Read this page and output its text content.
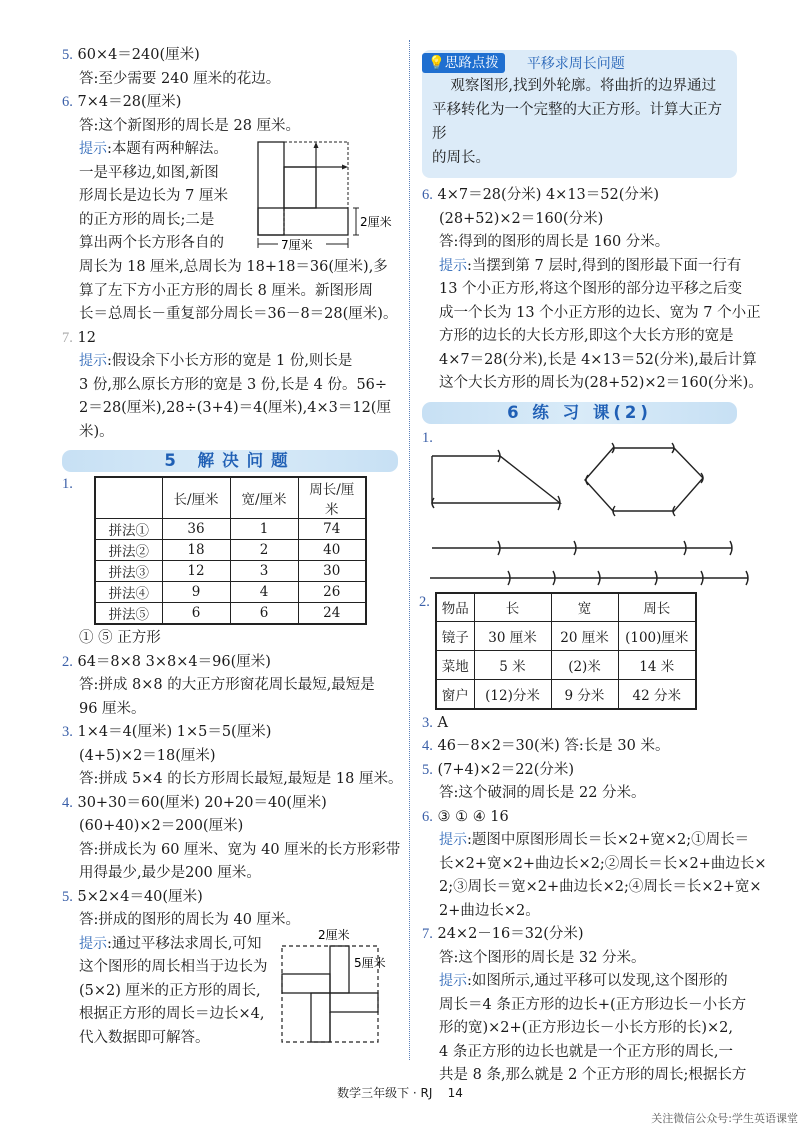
5. 60×4＝240(厘米)
答:至少需要 240 厘米的花边。
6. 7×4＝28(厘米)
答:这个新图形的周长是 28 厘米。
提示:本题有两种解法。
一是平移边,如图,新图
形周长是边长为 7 厘米
的正方形的周长;二是
算出两个长方形各自的
2厘米
7厘米
周长为 18 厘米,总周长为 18+18＝36(厘米),多
算了左下方小正方形的周长 8 厘米。新图形周
长＝总周长－重复部分周长＝36－8＝28(厘米)。
7. 12
提示:假设余下小长方形的宽是 1 份,则长是
3 份,那么原长方形的宽是 3 份,长是 4 份。56÷
2＝28(厘米),28÷(3+4)＝4(厘米),4×3＝12(厘
米)。
5 解决问题
1.
	长/厘米	宽/厘米	周长/厘米
拼法①	36	1	74
拼法②	18	2	40
拼法③	12	3	30
拼法④	9	4	26
拼法⑤	6	6	24
① ⑤ 正方形
2. 64＝8×8 3×8×4＝96(厘米)
答:拼成 8×8 的大正方形窗花周长最短,最短是
96 厘米。
3. 1×4＝4(厘米) 1×5＝5(厘米)
(4+5)×2＝18(厘米)
答:拼成 5×4 的长方形周长最短,最短是 18 厘米。
4. 30+30＝60(厘米) 20+20＝40(厘米)
(60+40)×2＝200(厘米)
答:拼成长为 60 厘米、宽为 40 厘米的长方形彩带
用得最少,最少是200 厘米。
5. 5×2×4＝40(厘米)
答:拼成的图形的周长为 40 厘米。
提示:通过平移法求周长,可知
这个图形的周长相当于边长为
(5×2) 厘米的正方形的周长,
根据正方形的周长＝边长×4,
代入数据即可解答。
2厘米
5厘米
💡思路点拨	平移求周长问题
观察图形,找到外轮廓。将曲折的边界通过
平移转化为一个完整的大正方形。计算大正方形
的周长。
6. 4×7＝28(分米) 4×13＝52(分米)
(28+52)×2＝160(分米)
答:得到的图形的周长是 160 分米。
提示:当摆到第 7 层时,得到的图形最下面一行有
13 个小正方形,将这个图形的部分边平移之后变
成一个长为 13 个小正方形的边长、宽为 7 个小正
方形的边长的大长方形,即这个大长方形的宽是
4×7＝28(分米),长是 4×13＝52(分米),最后计算
这个大长方形的周长为(28+52)×2＝160(分米)。
6 练 习 课(2)
1.
2. 物品	长	宽	周长
镜子	30 厘米	20 厘米	(100)厘米
菜地	5 米	(2)米	14 米
窗户	(12)分米	9 分米	42 分米
3. A
4. 46－8×2＝30(米) 答:长是 30 米。
5. (7+4)×2＝22(分米)
答:这个破洞的周长是 22 分米。
6. ③ ① ④ 16
提示:题图中原图形周长＝长×2+宽×2;①周长＝
长×2+宽×2+曲边长×2;②周长＝长×2+曲边长×
2;③周长＝宽×2+曲边长×2;④周长＝长×2+宽×
2+曲边长×2。
7. 24×2－16＝32(分米)
答:这个图形的周长是 32 分米。
提示:如图所示,通过平移可以发现,这个图形的
周长＝4 条正方形的边长+(正方形边长－小长方
形的宽)×2+(正方形边长－小长方形的长)×2,
4 条正方形的边长也就是一个正方形的周长,一
共是 8 条,那么就是 2 个正方形的周长;根据长方
数学三年级下 · RJ    14
关注微信公众号:学生英语课堂
